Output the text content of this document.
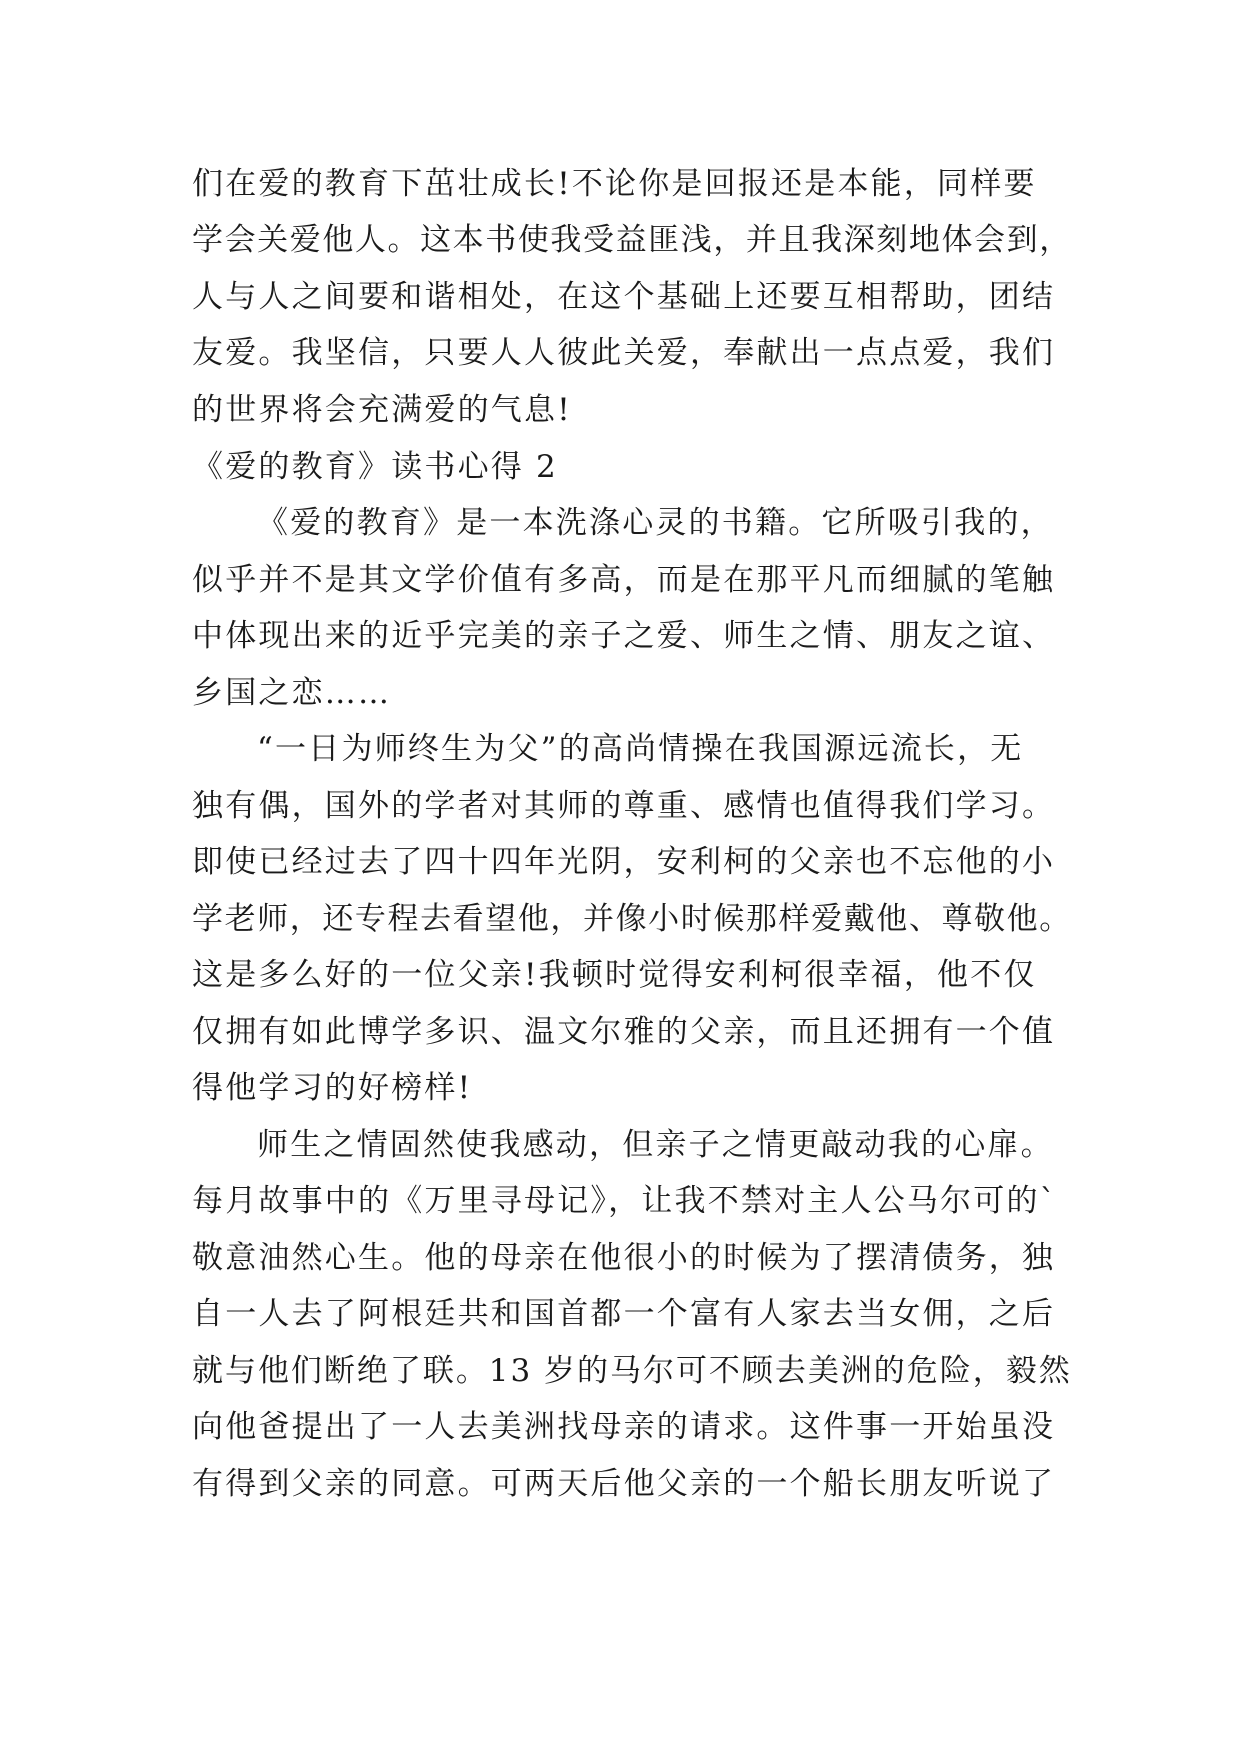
们在爱的教育下茁壮成长!不论你是回报还是本能，同样要
学会关爱他人。这本书使我受益匪浅，并且我深刻地体会到，
人与人之间要和谐相处，在这个基础上还要互相帮助，团结
友爱。我坚信，只要人人彼此关爱，奉献出一点点爱，我们
的世界将会充满爱的气息!
《爱的教育》读书心得 2
《爱的教育》是一本洗涤心灵的书籍。它所吸引我的，
似乎并不是其文学价值有多高，而是在那平凡而细腻的笔触
中体现出来的近乎完美的亲子之爱、师生之情、朋友之谊、
乡国之恋……
“一日为师终生为父”的高尚情操在我国源远流长，无
独有偶，国外的学者对其师的尊重、感情也值得我们学习。
即使已经过去了四十四年光阴，安利柯的父亲也不忘他的小
学老师，还专程去看望他，并像小时候那样爱戴他、尊敬他。
这是多么好的一位父亲!我顿时觉得安利柯很幸福，他不仅
仅拥有如此博学多识、温文尔雅的父亲，而且还拥有一个值
得他学习的好榜样!
师生之情固然使我感动，但亲子之情更敲动我的心扉。
每月故事中的《万里寻母记》，让我不禁对主人公马尔可的`
敬意油然心生。他的母亲在他很小的时候为了摆清债务，独
自一人去了阿根廷共和国首都一个富有人家去当女佣，之后
就与他们断绝了联。13 岁的马尔可不顾去美洲的危险，毅然
向他爸提出了一人去美洲找母亲的请求。这件事一开始虽没
有得到父亲的同意。可两天后他父亲的一个船长朋友听说了
